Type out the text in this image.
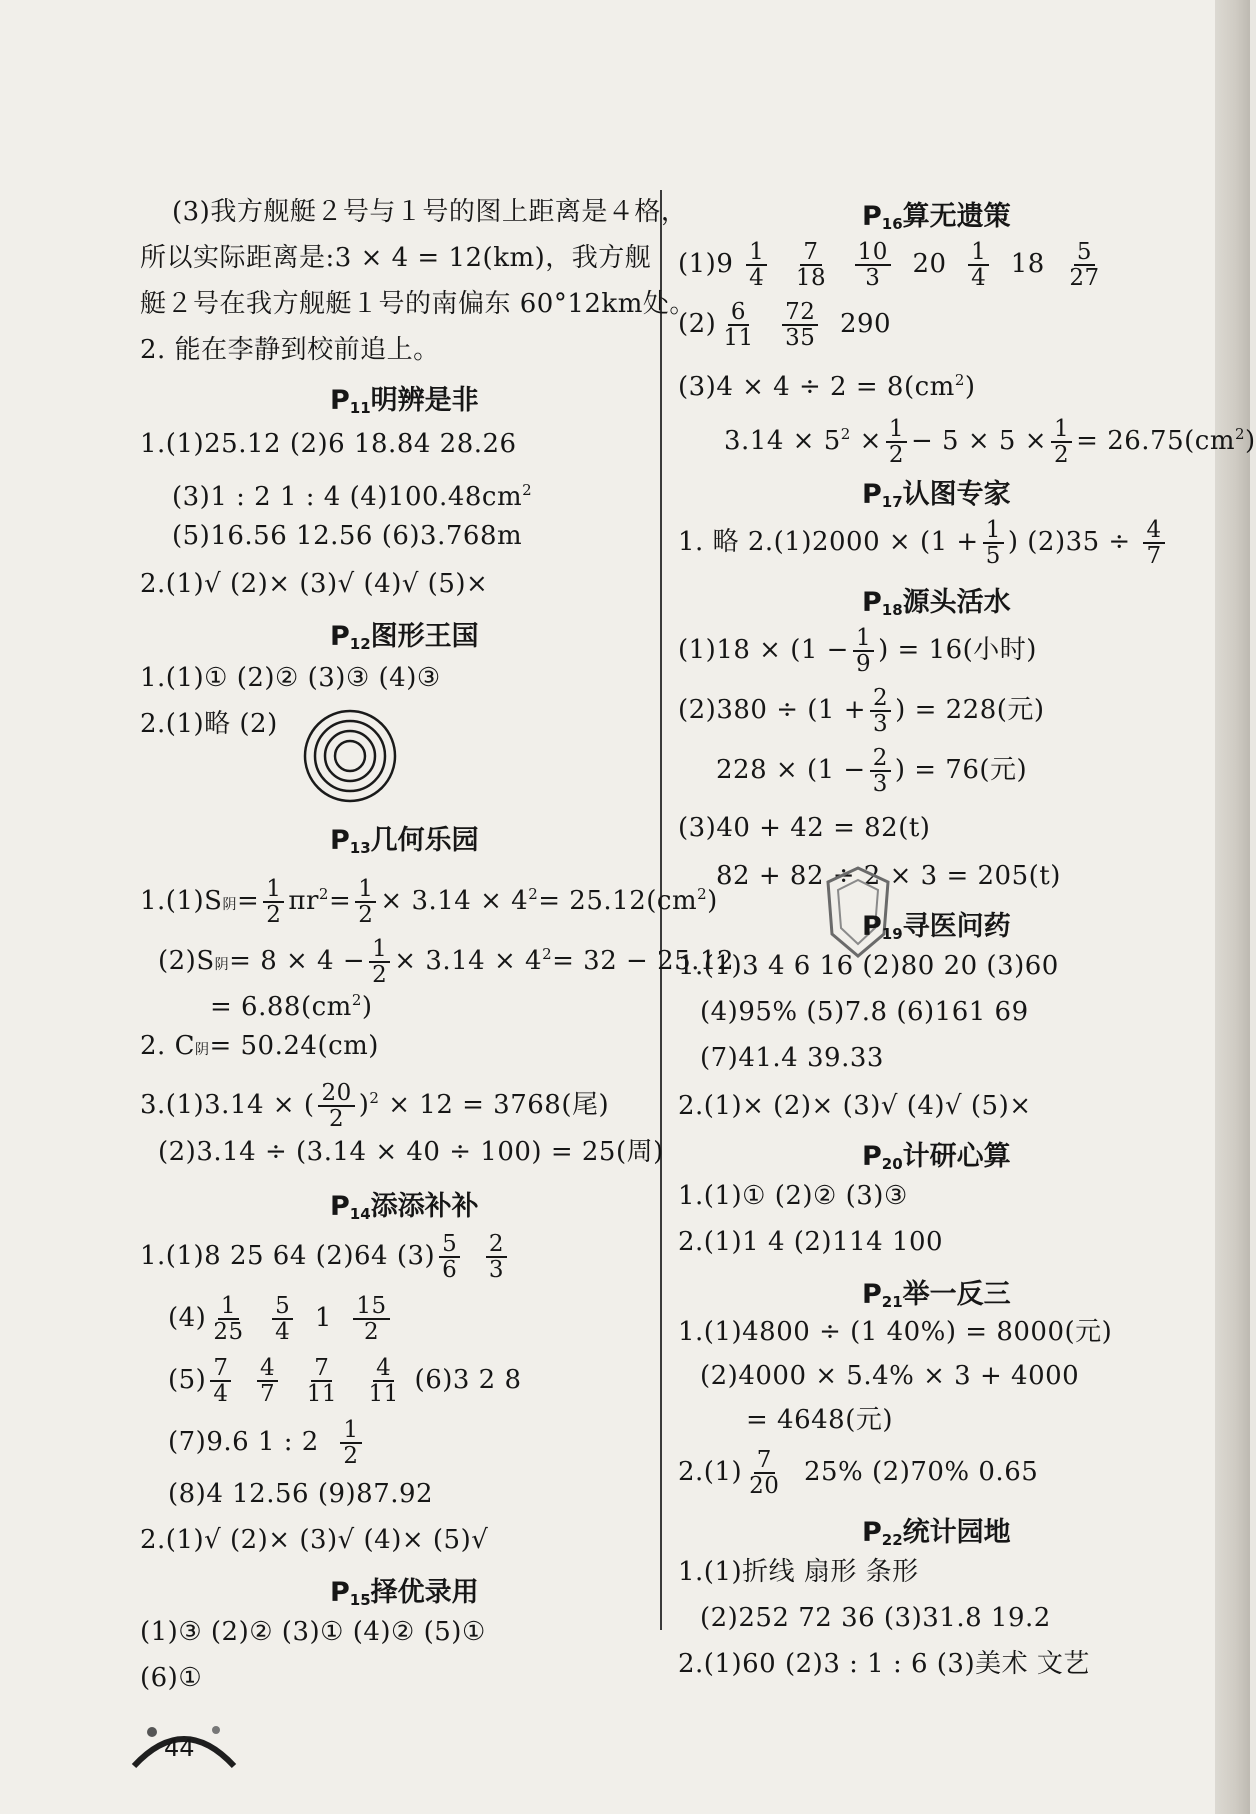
(3)我方舰艇２号与１号的图上距离是４格，
所以实际距离是:3 × 4 = 12(km)，我方舰
艇２号在我方舰艇１号的南偏东 60°12km处。
2. 能在李静到校前追上。
$P_{11}$明辨是非
1.(1)25.12 (2)6 18.84 28.26
(3)1 : 2 1 : 4 $(4)100.48cm^2$
(5)16.56 12.56 (6)3.768m
2.(1)√ (2)× (3)√ (4)√ (5)×
$P_{12}$图形王国
1.(1)① (2)② (3)③ (4)③
2.(1)略 (2)
$P_{13}$几何乐园
1.(1)S阴= $\frac{1}{2} \pi r^2= \frac{1}{2} \times 3.14 \times 4^2= 25.12(cm^2)$
(2)S阴= $8 \times 4 - \frac{1}{2} \times 3.14 \times 4^2= 32 - 25.12$
= $6.88(cm^2)$
2. C阴= 50.24(cm)
3.(1)3.14 × ( $\frac{20}{2} )^2 \times 12 = 3768$(尾)
(2)3.14 ÷ (3.14 × 40 ÷ 100) = 25(周)
$P_{14}$添添补补
1.(1)8 25 64 (2)64 $(3) \frac{5}{6}$
$\frac{2}{3}$
$(4) \frac{1}{25}$
$\frac{5}{4} 1 \frac{15}{2}$
$(5) \frac{7}{4}$
$\frac{4}{7}$
$\frac{7}{11}$
$\frac{4}{11} (6)3$ 2 8
(7)9.6 1 : $2 \frac{1}{2}$
(8)4 12.56 (9)87.92
2.(1)√ (2)× (3)√ (4)× (5)√
$P_{15}$择优录用
(1)③ (2)② (3)① (4)② (5)①
(6)①
$P_{16}$算无遗策
$(1)9 \frac{1}{4}$
$\frac{7}{18}$
$\frac{10}{3} 20 \frac{1}{4} 18 \frac{5}{27}$
$(2) \frac{6}{11}$
$\frac{72}{35} 290$
$(3)4 \times 4 \div 2 = 8(cm^2)$
$3.14 \times 5^2 \times \frac{1}{2} - 5 \times 5 \times \frac{1}{2} = 26.75(cm^2)$
$P_{17}$认图专家
1. 略 $2.(1)2000 \times (1 + \frac{1}{5}$ ) $(2)35 \div \frac{4}{7}$
$P_{18}$源头活水
$(1)18 \times (1 - \frac{1}{9}$ ) = 16(小时)
$(2)380 \div (1 + \frac{2}{3}$ ) = 228(元)
$228 \times (1 - \frac{2}{3}$ ) = 76(元)
(3)40 + 42 = 82(t)
82 + 82 ÷ 2 × 3 = 205(t)
$P_{19}$寻医问药
1.(1)3 4 6 16 (2)80 20 (3)60
(4)95% (5)7.8 (6)161 69
(7)41.4 39.33
2.(1)× (2)× (3)√ (4)√ (5)×
$P_{20}$计研心算
1.(1)① (2)② (3)③
2.(1)1 4 (2)114 100
$P_{21}$举一反三
1.(1)4800 ÷ (1 40%) = 8000(元)
(2)4000 × 5.4% × 3 + 4000
= 4648(元)
$2.(1) \frac{7}{20} 25\%$ (2)70% 0.65
$P_{22}$统计园地
1.(1)折线 扇形 条形
(2)252 72 36 (3)31.8 19.2
2.(1)60 (2)3 : 1 : 6 (3)美术 文艺
44
